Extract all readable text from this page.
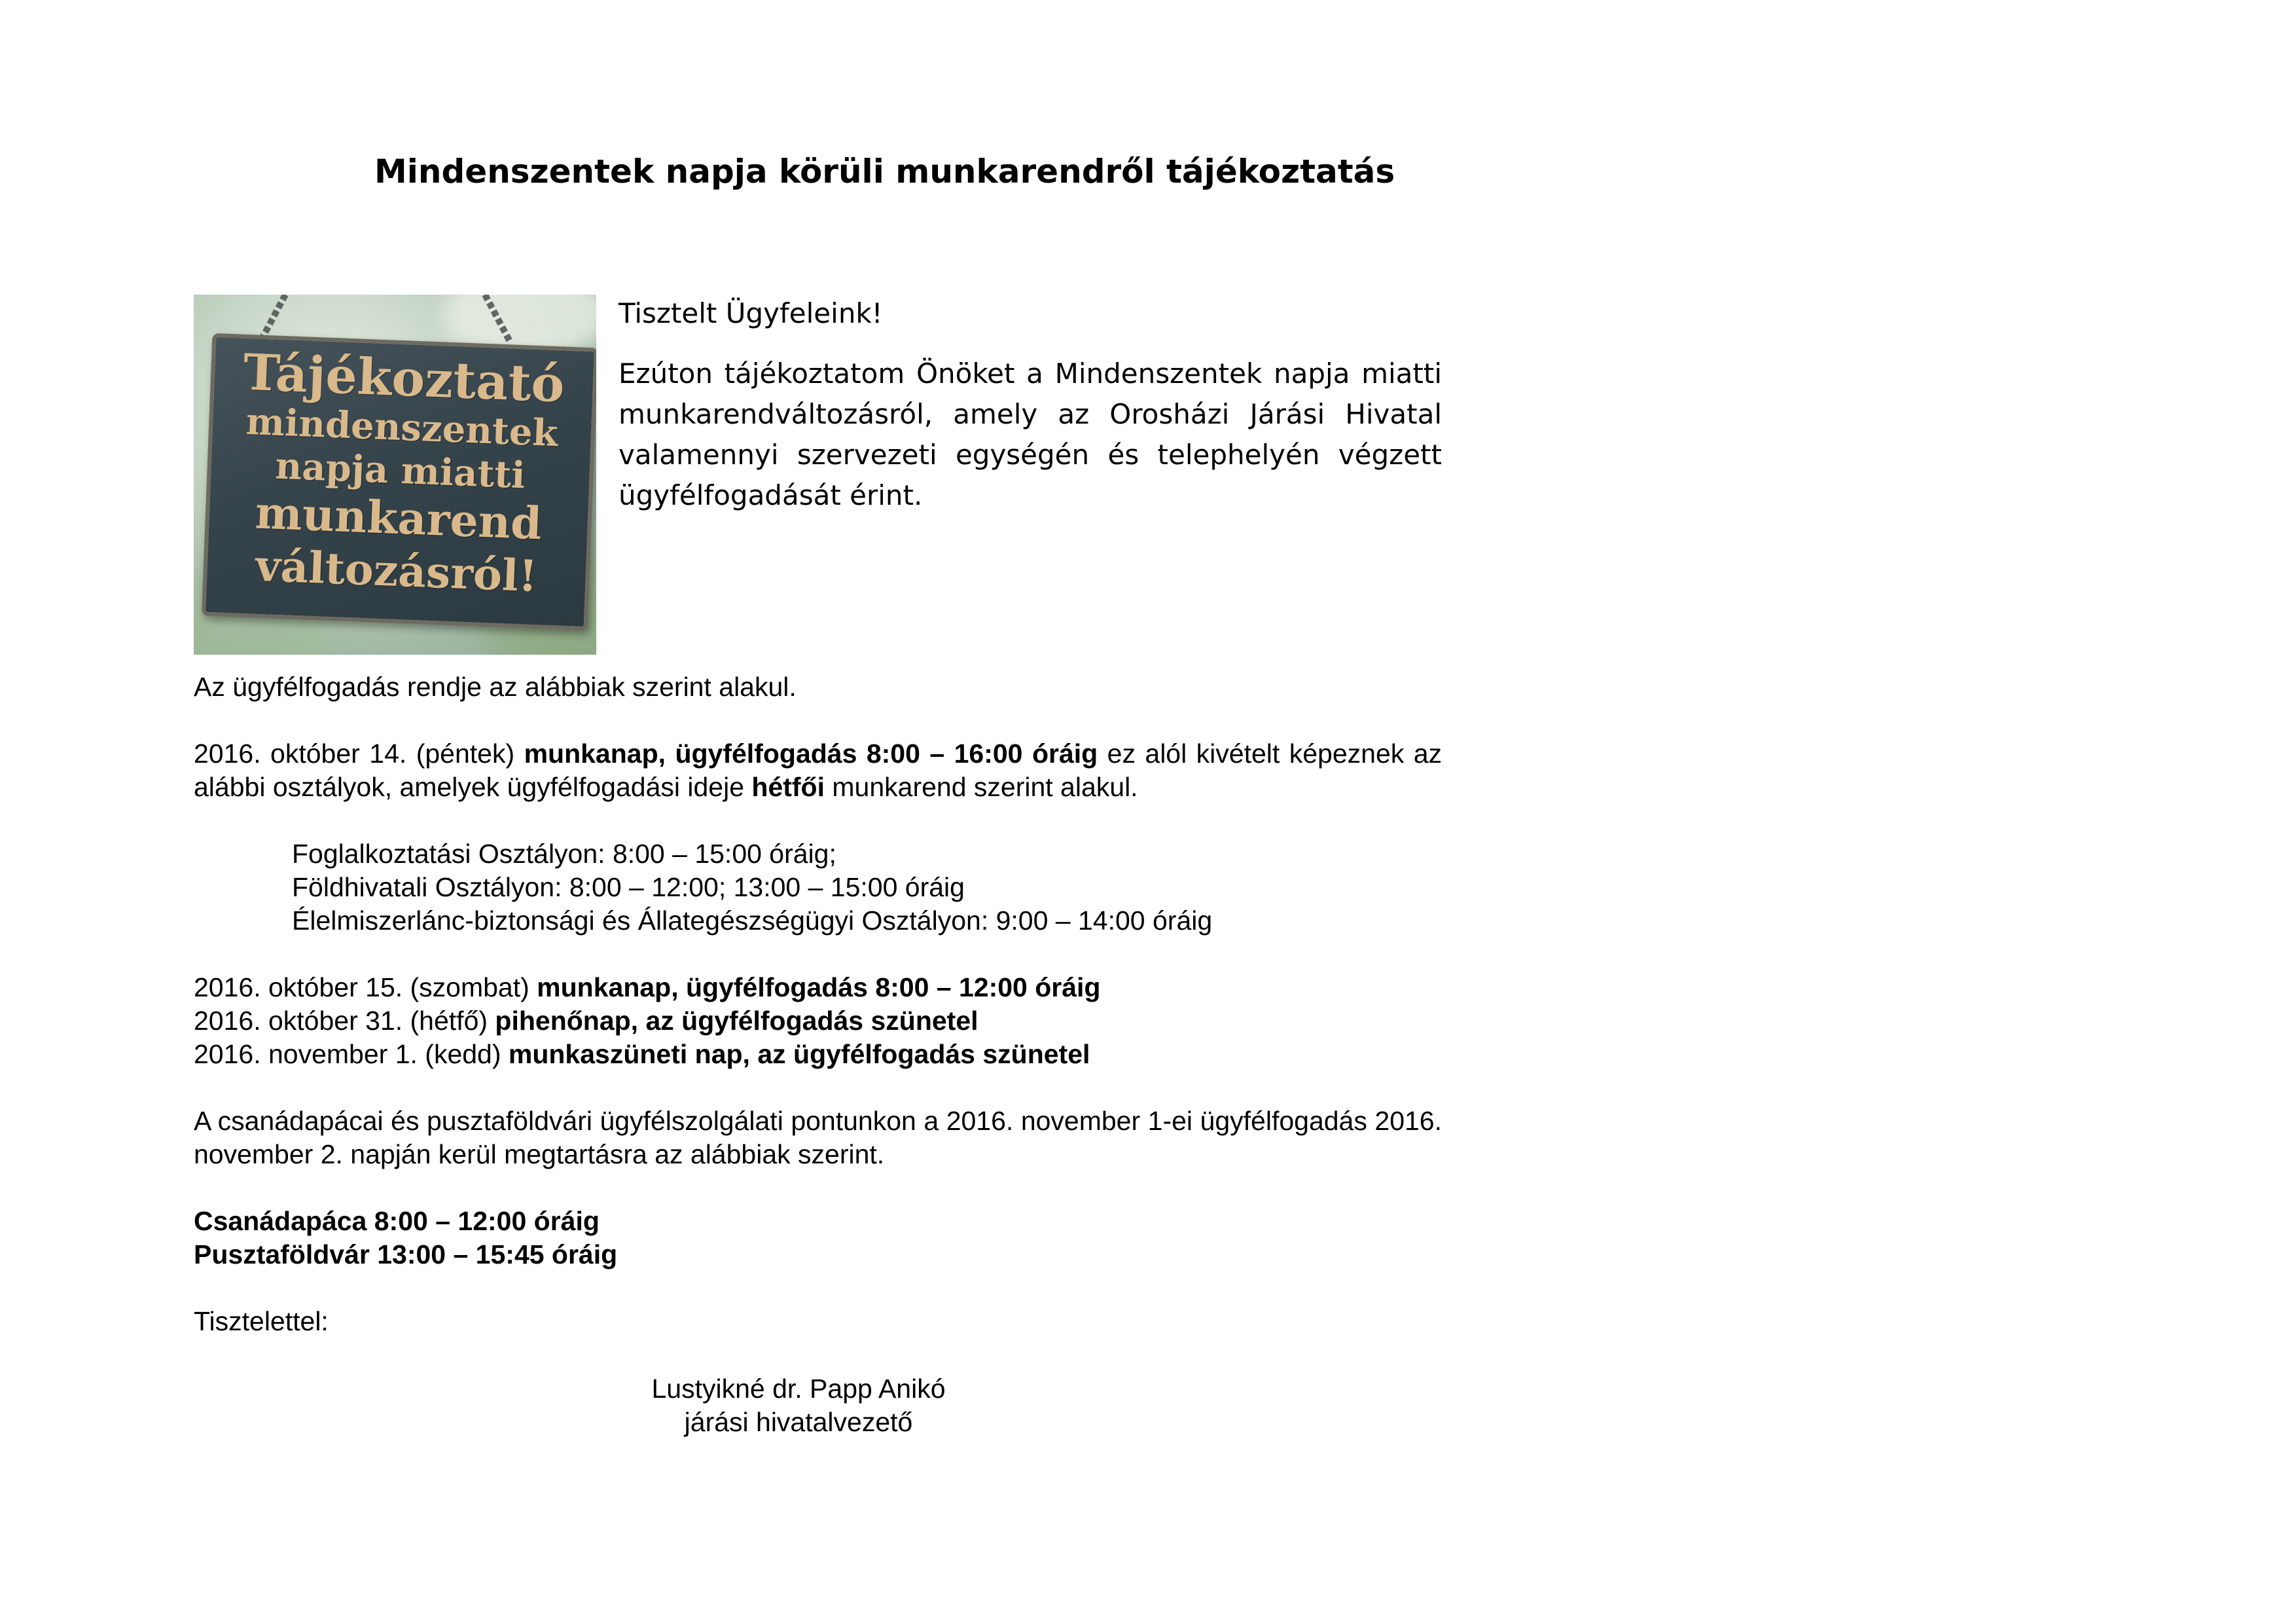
Mindenszentek napja körüli munkarendről tájékoztatás
Tájékoztató
mindenszentek
napja miatti
munkarend
változásról!

Tisztelt Ügyfeleink!

Ezúton tájékoztatom Önöket a Mindenszentek napja miatti munkarendváltozásról, amely az Orosházi Járási Hivatal valamennyi szervezeti egységén és telephelyén végzett ügyfélfogadását érint.

Az ügyfélfogadás rendje az alábbiak szerint alakul.

2016. október 14. (péntek) munkanap, ügyfélfogadás 8:00 – 16:00 óráig ez alól kivételt képeznek az alábbi osztályok, amelyek ügyfélfogadási ideje hétfői munkarend szerint alakul.

Foglalkoztatási Osztályon: 8:00 – 15:00 óráig;

Földhivatali Osztályon: 8:00 – 12:00; 13:00 – 15:00 óráig

Élelmiszerlánc-biztonsági és Állategészségügyi Osztályon: 9:00 – 14:00 óráig

2016. október 15. (szombat) munkanap, ügyfélfogadás 8:00 – 12:00 óráig

2016. október 31. (hétfő) pihenőnap, az ügyfélfogadás szünetel

2016. november 1. (kedd) munkaszüneti nap, az ügyfélfogadás szünetel

A csanádapácai és pusztaföldvári ügyfélszolgálati pontunkon a 2016. november 1-ei ügyfélfogadás 2016. november 2. napján kerül megtartásra az alábbiak szerint.

Csanádapáca 8:00 – 12:00 óráig

Pusztaföldvár 13:00 – 15:45 óráig

Tisztelettel:

Lustyikné dr. Papp Anikó

járási hivatalvezető
